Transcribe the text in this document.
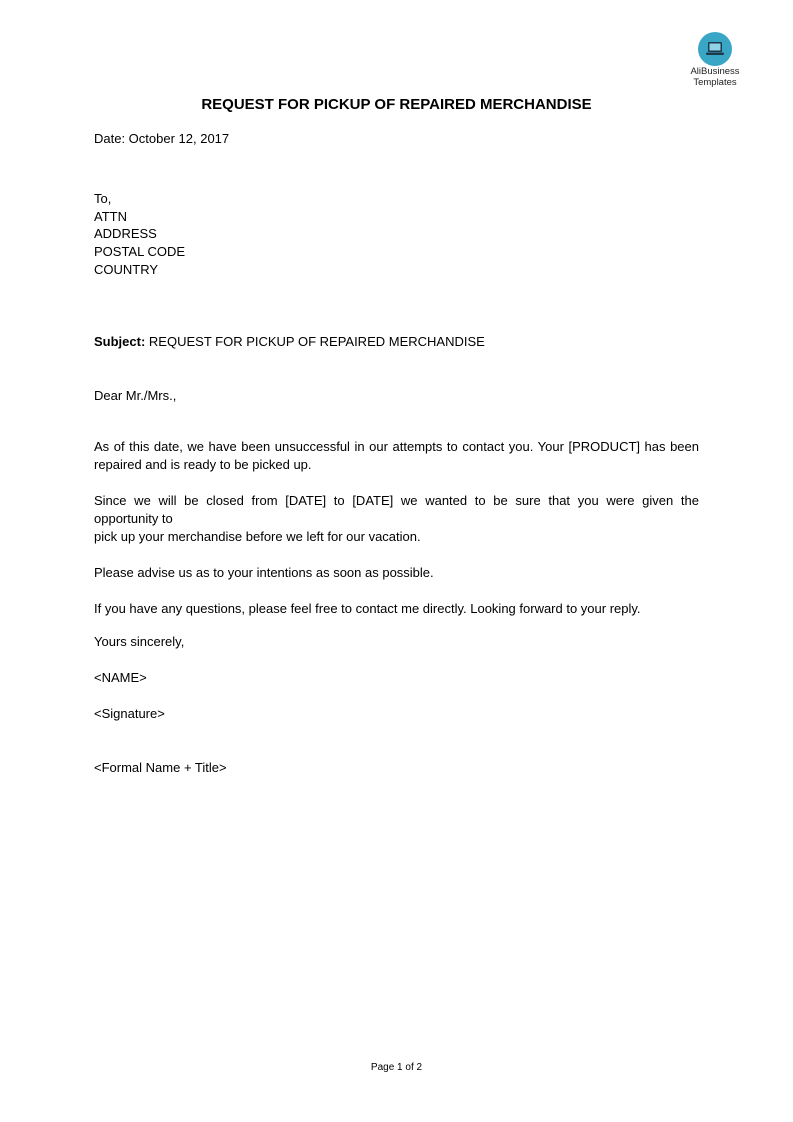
AliBusiness
Templates
REQUEST FOR PICKUP OF REPAIRED MERCHANDISE
Date: October 12, 2017
To,
ATTN
ADDRESS
POSTAL CODE
COUNTRY
Subject: REQUEST FOR PICKUP OF REPAIRED MERCHANDISE
Dear Mr./Mrs.,
As of this date, we have been unsuccessful in our attempts to contact you. Your [PRODUCT] has been
repaired and is ready to be picked up.
Since we will be closed from [DATE] to [DATE] we wanted to be sure that you were given the
opportunity to
pick up your merchandise before we left for our vacation.
Please advise us as to your intentions as soon as possible.
If you have any questions, please feel free to contact me directly. Looking forward to your reply.
Yours sincerely,
<NAME>
<Signature>
<Formal Name + Title>
Page 1 of 2
